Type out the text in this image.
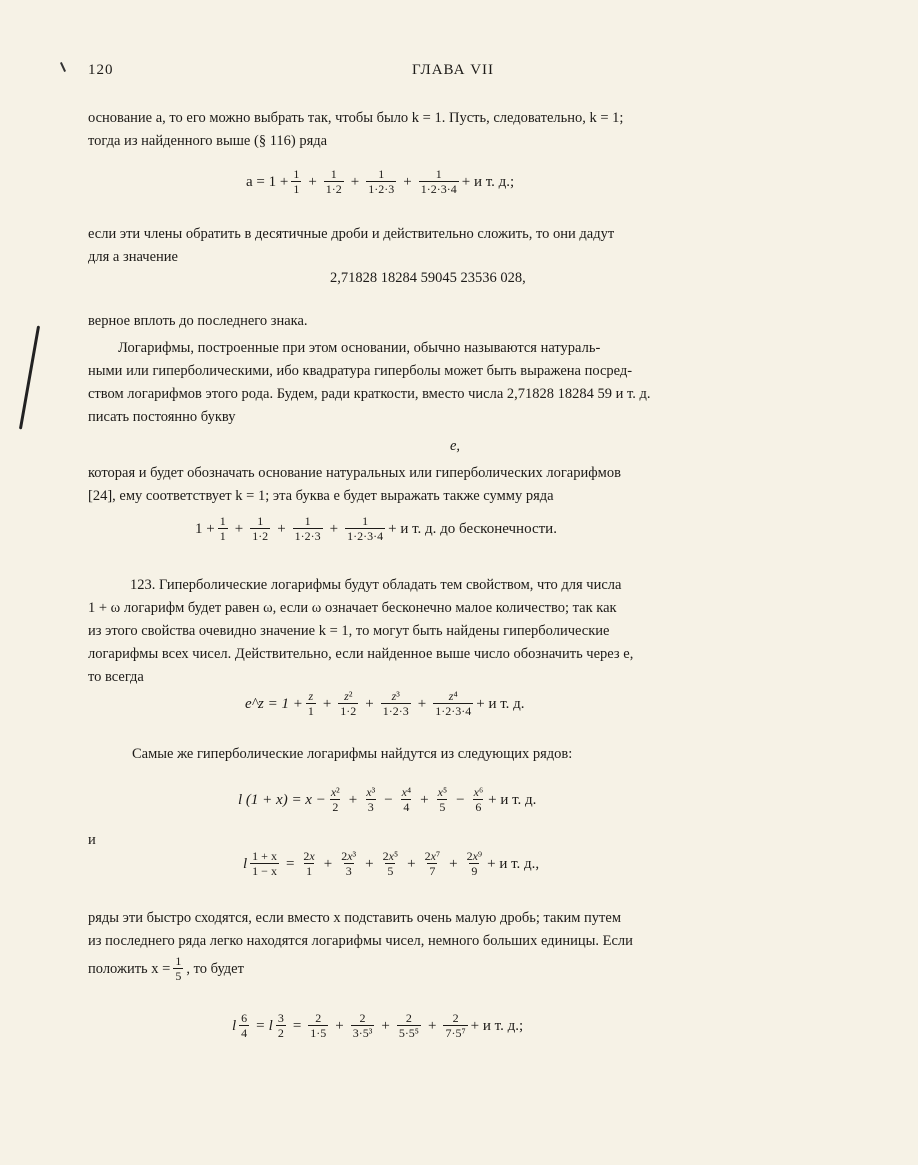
120	ГЛАВА VII
основание a, то его можно выбрать так, чтобы было k = 1. Пусть, следовательно, k = 1;
тогда из найденного выше (§ 116) ряда
$a = 1 + \frac{1}{1} + \frac{1}{1\cdot 2} + \frac{1}{1\cdot 2\cdot 3} + \frac{1}{1\cdot 2\cdot 3\cdot 4} + и$ т. д.;
если эти члены обратить в десятичные дроби и действительно сложить, то они дадут
для a значение
2,71828 18284 59045 23536 028,
верное вплоть до последнего знака.
Логарифмы, построенные при этом основании, обычно называются натураль-
ными или гиперболическими, ибо квадратура гиперболы может быть выражена посред-
ством логарифмов этого рода. Будем, ради краткости, вместо числа 2,71828 18284 59 и т. д.
писать постоянно букву
e,
которая и будет обозначать основание натуральных или гиперболических логарифмов
[24], ему соответствует k = 1; эта буква e будет выражать также сумму ряда
$1 + \frac{1}{1} + \frac{1}{1\cdot 2} + \frac{1}{1\cdot 2\cdot 3} + \frac{1}{1\cdot 2\cdot 3\cdot 4} + и$ т. д. до бесконечности.
123. Гиперболические логарифмы будут обладать тем свойством, что для числа
1 + ω логарифм будет равен ω, если ω означает бесконечно малое количество; так как
из этого свойства очевидно значение k = 1, то могут быть найдены гиперболические
логарифмы всех чисел. Действительно, если найденное выше число обозначить через e,
то всегда
e^z = $1 + \frac{z}{1} + \frac{\text{z²}}{1\cdot 2} + \frac{\text{z³}}{1\cdot 2\cdot 3} + \frac{\text{z⁴}}{1\cdot 2\cdot 3\cdot 4} + и$ т. д.
Самые же гиперболические логарифмы найдутся из следующих рядов:
l $(1 + x) = x - \frac{\text{x²}}{2} + \frac{\text{x³}}{3} - \frac{\text{x⁴}}{4} + \frac{\text{x⁵}}{5} - \frac{\text{x⁶}}{6} + и$ т. д.
и
l $\frac{1 + x}{1 - x} = \frac{2x}{1} + \frac{\text{2x³}}{3} + \frac{\text{2x⁵}}{5} + \frac{\text{2x⁷}}{7} + \frac{\text{2x⁹}}{9} + и$ т. д.,
ряды эти быстро сходятся, если вместо x подставить очень малую дробь; таким путем
из последнего ряда легко находятся логарифмы чисел, немного больших единицы. Если
положить $x = \frac{1}{5}$ , то будет
l $\frac{6}{4} = l \frac{3}{2} = \frac{2}{1\cdot 5} + \frac{2}{\text{3·5³}} + \frac{2}{\text{5·5⁵}} + \frac{2}{\text{7·5⁷}} + и$ т. д.;
